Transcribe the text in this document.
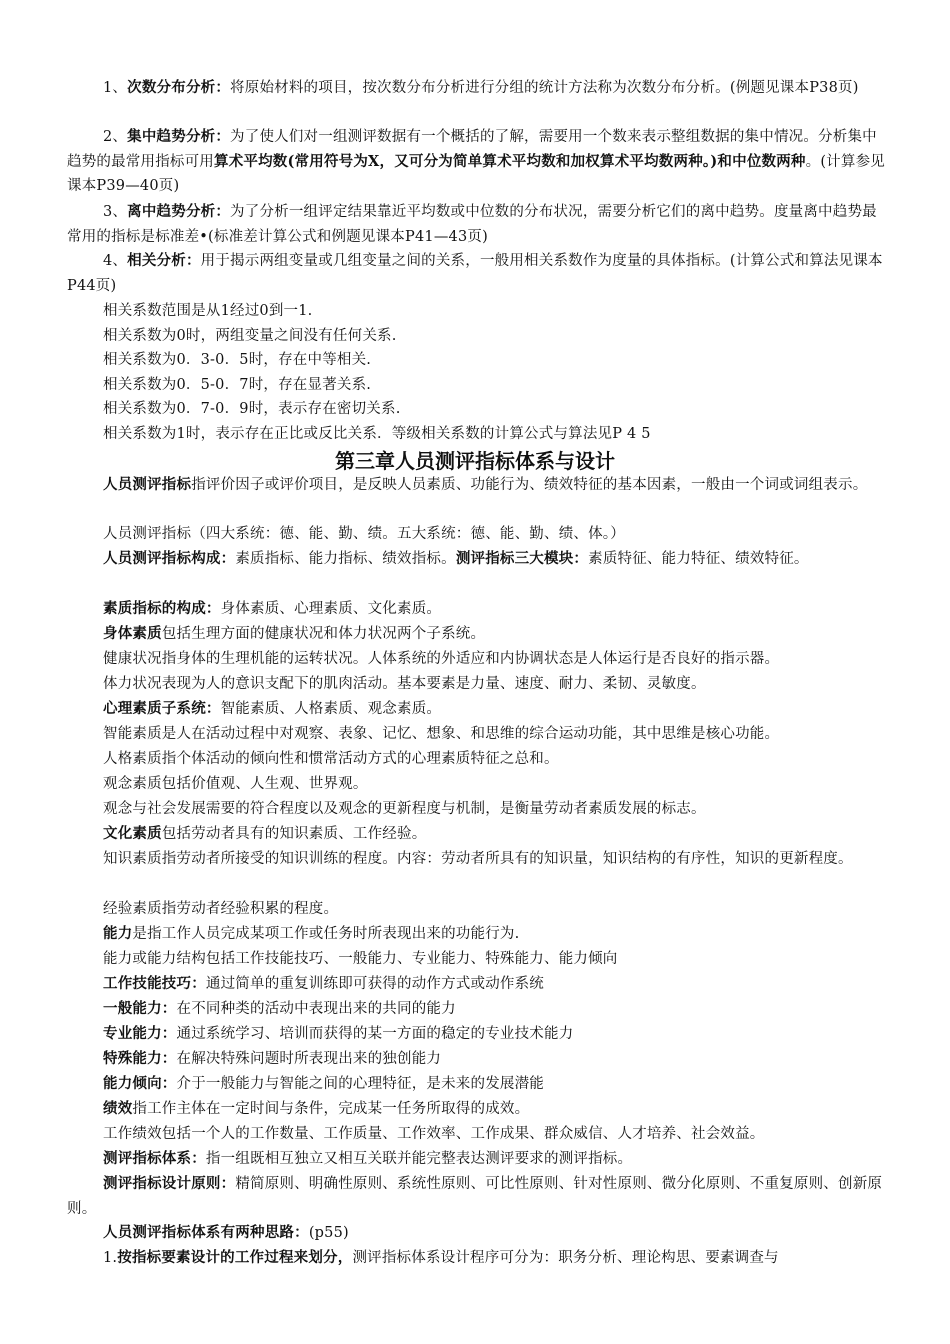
1、次数分布分析：将原始材料的项目，按次数分布分析进行分组的统计方法称为次数分布分析。(例题见课本P38页)
2、集中趋势分析：为了使人们对一组测评数据有一个概括的了解，需要用一个数来表示整组数据的集中情况。分析集中趋势的最常用指标可用算术平均数(常用符号为X，又可分为简单算术平均数和加权算术平均数两种。)和中位数两种。(计算参见课本P39—40页)
3、离中趋势分析：为了分析一组评定结果靠近平均数或中位数的分布状况，需要分析它们的离中趋势。度量离中趋势最常用的指标是标准差•(标准差计算公式和例题见课本P41—43页)
4、相关分析：用于揭示两组变量或几组变量之间的关系，一般用相关系数作为度量的具体指标。(计算公式和算法见课本P44页)
相关系数范围是从1经过0到一1.
相关系数为0时，两组变量之间没有任何关系.
相关系数为0．3-0．5时，存在中等相关.
相关系数为0．5-0．7时，存在显著关系.
相关系数为0．7-0．9时，表示存在密切关系.
相关系数为1时，表示存在正比或反比关系．等级相关系数的计算公式与算法见P 4 5
第三章人员测评指标体系与设计
人员测评指标指评价因子或评价项目，是反映人员素质、功能行为、绩效特征的基本因素，一般由一个词或词组表示。
人员测评指标（四大系统：德、能、勤、绩。五大系统：德、能、勤、绩、体。）
人员测评指标构成：素质指标、能力指标、绩效指标。测评指标三大模块：素质特征、能力特征、绩效特征。
素质指标的构成：身体素质、心理素质、文化素质。
身体素质包括生理方面的健康状况和体力状况两个子系统。
健康状况指身体的生理机能的运转状况。人体系统的外适应和内协调状态是人体运行是否良好的指示器。
体力状况表现为人的意识支配下的肌肉活动。基本要素是力量、速度、耐力、柔韧、灵敏度。
心理素质子系统：智能素质、人格素质、观念素质。
智能素质是人在活动过程中对观察、表象、记忆、想象、和思维的综合运动功能，其中思维是核心功能。
人格素质指个体活动的倾向性和惯常活动方式的心理素质特征之总和。
观念素质包括价值观、人生观、世界观。
观念与社会发展需要的符合程度以及观念的更新程度与机制，是衡量劳动者素质发展的标志。
文化素质包括劳动者具有的知识素质、工作经验。
知识素质指劳动者所接受的知识训练的程度。内容：劳动者所具有的知识量，知识结构的有序性，知识的更新程度。
经验素质指劳动者经验积累的程度。
能力是指工作人员完成某项工作或任务时所表现出来的功能行为.
能力或能力结构包括工作技能技巧、一般能力、专业能力、特殊能力、能力倾向
工作技能技巧：通过简单的重复训练即可获得的动作方式或动作系统
一般能力：在不同种类的活动中表现出来的共同的能力
专业能力：通过系统学习、培训而获得的某一方面的稳定的专业技术能力
特殊能力：在解决特殊问题时所表现出来的独创能力
能力倾向：介于一般能力与智能之间的心理特征，是未来的发展潜能
绩效指工作主体在一定时间与条件，完成某一任务所取得的成效。
工作绩效包括一个人的工作数量、工作质量、工作效率、工作成果、群众威信、人才培养、社会效益。
测评指标体系：指一组既相互独立又相互关联并能完整表达测评要求的测评指标。
测评指标设计原则：精简原则、明确性原则、系统性原则、可比性原则、针对性原则、微分化原则、不重复原则、创新原则。
人员测评指标体系有两种思路：(p55)
1.按指标要素设计的工作过程来划分，测评指标体系设计程序可分为：职务分析、理论构思、要素调查与
